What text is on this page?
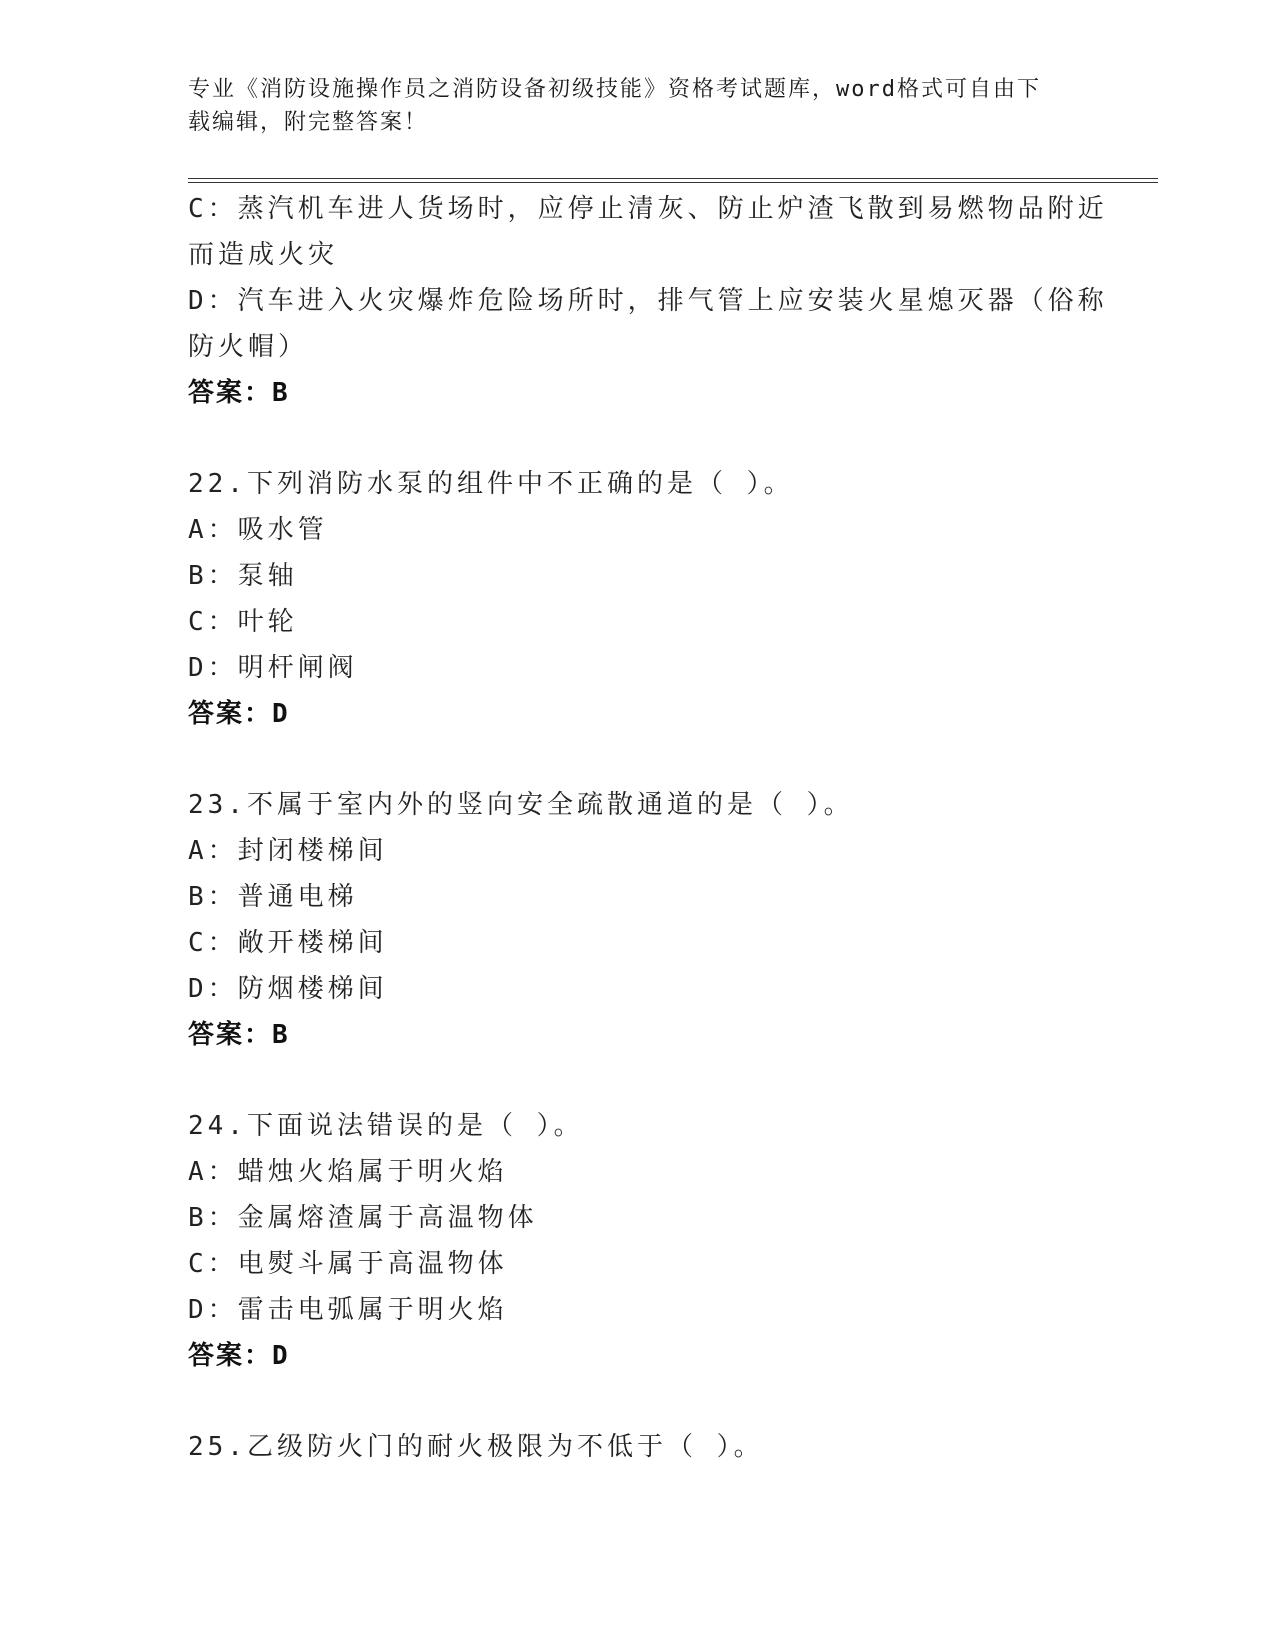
专业《消防设施操作员之消防设备初级技能》资格考试题库，word格式可自由下
载编辑，附完整答案！
C：蒸汽机车进人货场时，应停止清灰、防止炉渣飞散到易燃物品附近
而造成火灾
D：汽车进入火灾爆炸危险场所时，排气管上应安装火星熄灭器（俗称
防火帽）
答案：B
22.下列消防水泵的组件中不正确的是（ ）。
A：吸水管
B：泵轴
C：叶轮
D：明杆闸阀
答案：D
23.不属于室内外的竖向安全疏散通道的是（ ）。
A：封闭楼梯间
B：普通电梯
C：敞开楼梯间
D：防烟楼梯间
答案：B
24.下面说法错误的是（ ）。
A：蜡烛火焰属于明火焰
B：金属熔渣属于高温物体
C：电熨斗属于高温物体
D：雷击电弧属于明火焰
答案：D
25.乙级防火门的耐火极限为不低于（ ）。
